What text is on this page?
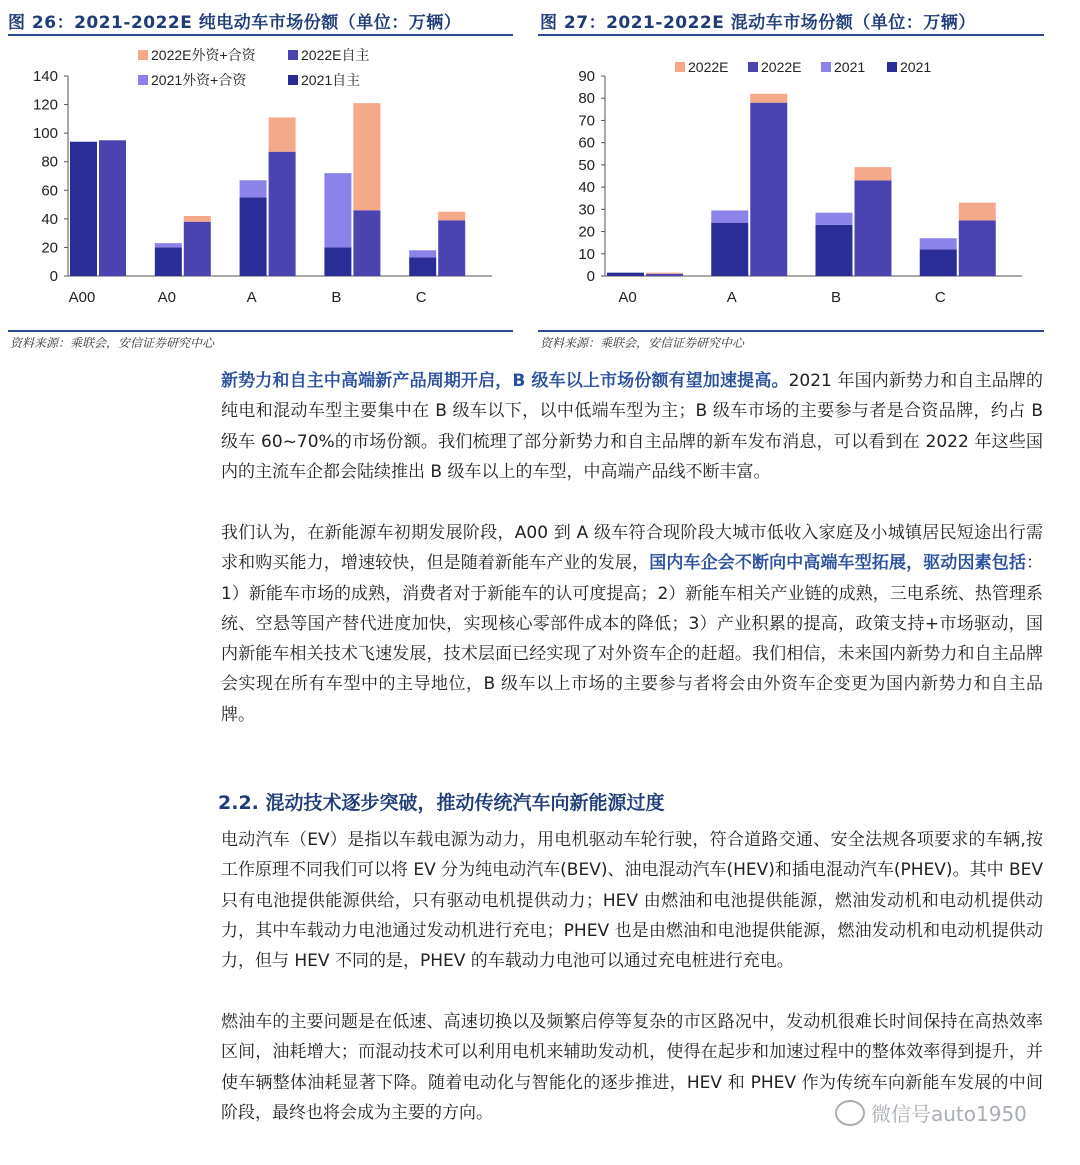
图 26：2021-2022E 纯电动车市场份额（单位：万辆）
0
20
40
60
80
100
120
140
A00	A0	A	B	C
2022E外资+合资	2022E自主
2021外资+合资	2021自主
资料来源：乘联会，安信证券研究中心
图 27：2021-2022E 混动车市场份额（单位：万辆）
0
10
20
30
40
50
60
70
80
90
A0	A	B	C
2022E 2022E 2021 2021
资料来源：乘联会，安信证券研究中心
新势力和自主中高端新产品周期开启，B 级车以上市场份额有望加速提高。2021 年国内新势力和自主品牌的纯电和混动车型主要集中在 B 级车以下，以中低端车型为主；B 级车市场的主要参与者是合资品牌，约占 B 级车 60~70%的市场份额。我们梳理了部分新势力和自主品牌的新车发布消息，可以看到在 2022 年这些国内的主流车企都会陆续推出 B 级车以上的车型，中高端产品线不断丰富。
我们认为，在新能源车初期发展阶段，A00 到 A 级车符合现阶段大城市低收入家庭及小城镇居民短途出行需求和购买能力，增速较快，但是随着新能车产业的发展，国内车企会不断向中高端车型拓展，驱动因素包括：1）新能车市场的成熟，消费者对于新能车的认可度提高；2）新能车相关产业链的成熟，三电系统、热管理系统、空悬等国产替代进度加快，实现核心零部件成本的降低；3）产业积累的提高，政策支持+市场驱动，国内新能车相关技术飞速发展，技术层面已经实现了对外资车企的赶超。我们相信，未来国内新势力和自主品牌会实现在所有车型中的主导地位，B 级车以上市场的主要参与者将会由外资车企变更为国内新势力和自主品牌。
2.2. 混动技术逐步突破，推动传统汽车向新能源过度
电动汽车（EV）是指以车载电源为动力，用电机驱动车轮行驶，符合道路交通、安全法规各项要求的车辆,按工作原理不同我们可以将 EV 分为纯电动汽车(BEV)、油电混动汽车(HEV)和插电混动汽车(PHEV)。其中 BEV 只有电池提供能源供给，只有驱动电机提供动力；HEV 由燃油和电池提供能源，燃油发动机和电动机提供动力，其中车载动力电池通过发动机进行充电；PHEV 也是由燃油和电池提供能源，燃油发动机和电动机提供动力，但与 HEV 不同的是，PHEV 的车载动力电池可以通过充电桩进行充电。
燃油车的主要问题是在低速、高速切换以及频繁启停等复杂的市区路况中，发动机很难长时间保持在高热效率区间，油耗增大；而混动技术可以利用电机来辅助发动机，使得在起步和加速过程中的整体效率得到提升，并使车辆整体油耗显著下降。随着电动化与智能化的逐步推进，HEV 和 PHEV 作为传统车向新能车发展的中间阶段，最终也将会成为主要的方向。	微信号auto1950
